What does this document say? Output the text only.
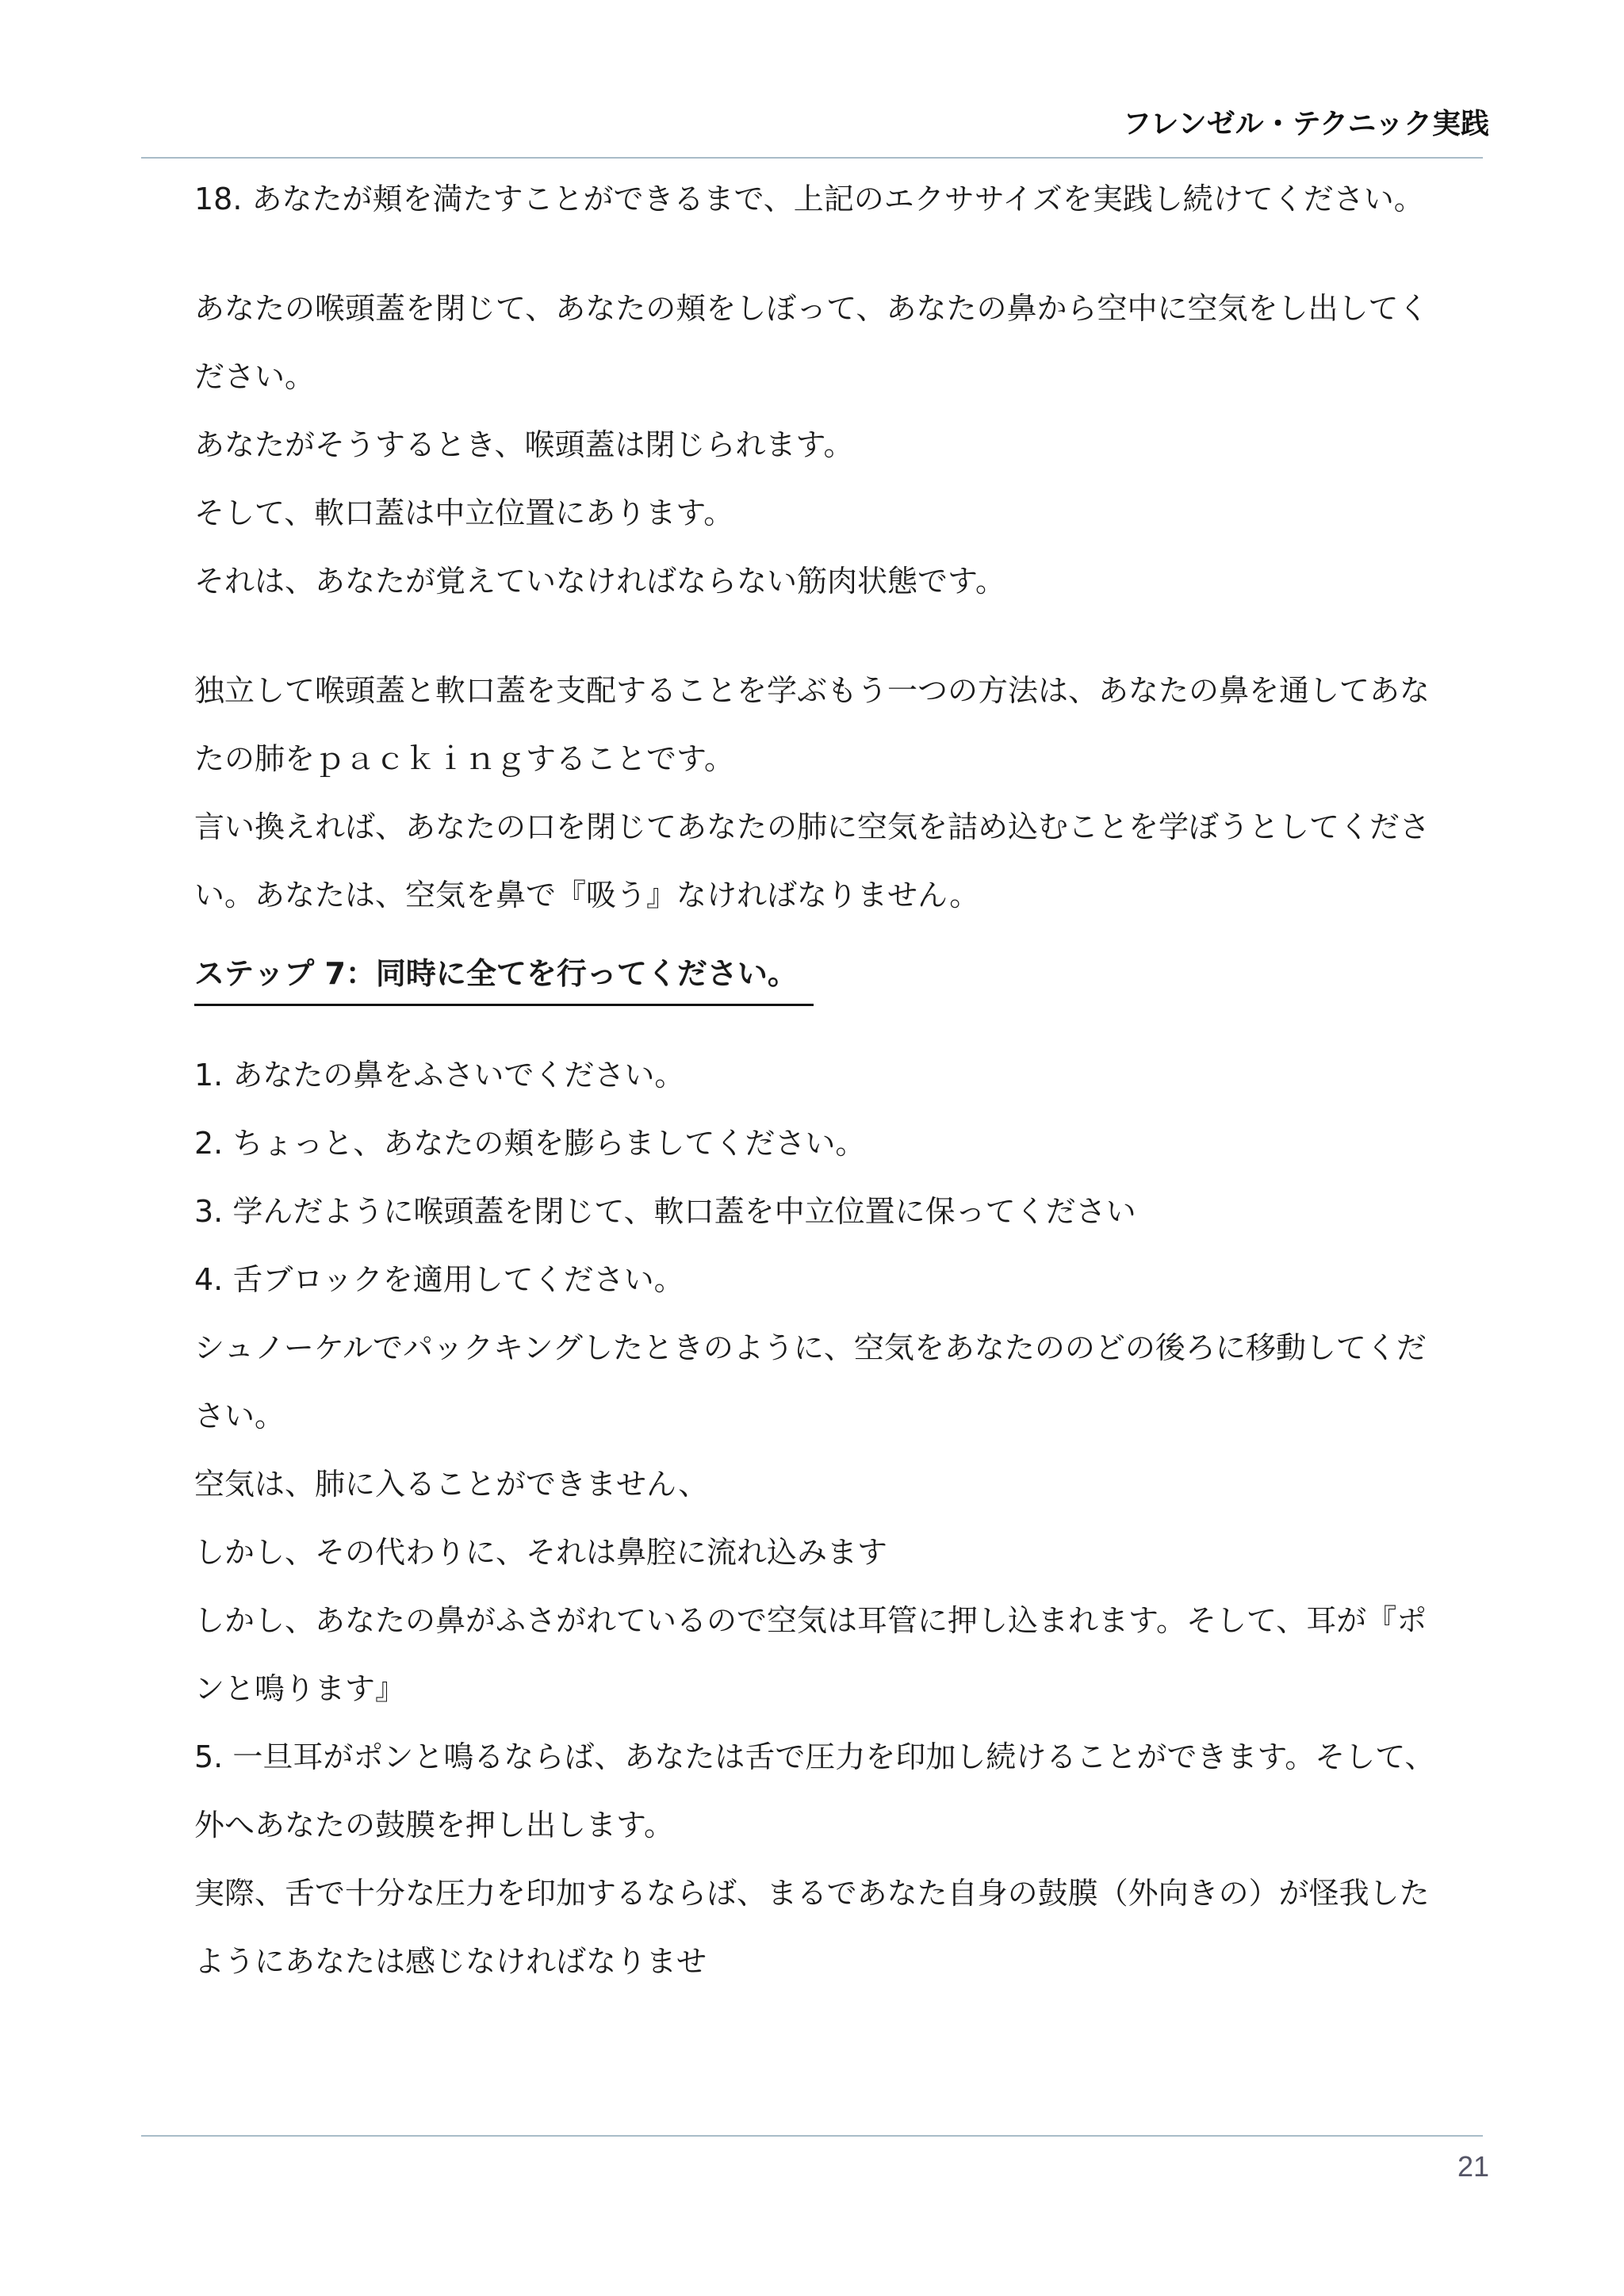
フレンゼル・テクニック実践

18. あなたが頬を満たすことができるまで、上記のエクササイズを実践し続けてください。

あなたの喉頭蓋を閉じて、あなたの頬をしぼって、あなたの鼻から空中に空気をし出してく

ださい。

あなたがそうするとき、喉頭蓋は閉じられます。

そして、軟口蓋は中立位置にあります。

それは、あなたが覚えていなければならない筋肉状態です。

独立して喉頭蓋と軟口蓋を支配することを学ぶもう一つの方法は、あなたの鼻を通してあな

たの肺をｐａｃｋｉｎｇすることです。

言い換えれば、あなたの口を閉じてあなたの肺に空気を詰め込むことを学ぼうとしてくださ

い。あなたは、空気を鼻で『吸う』なければなりません。

ステップ 7：同時に全てを行ってください。

1. あなたの鼻をふさいでください。

2. ちょっと、あなたの頬を膨らましてください。

3. 学んだように喉頭蓋を閉じて、軟口蓋を中立位置に保ってください

4. 舌ブロックを適用してください。

シュノーケルでパックキングしたときのように、空気をあなたののどの後ろに移動してくだ

さい。

空気は、肺に入ることができません、

しかし、その代わりに、それは鼻腔に流れ込みます

しかし、あなたの鼻がふさがれているので空気は耳管に押し込まれます。そして、耳が『ポ

ンと鳴ります』

5. 一旦耳がポンと鳴るならば、あなたは舌で圧力を印加し続けることができます。そして、

外へあなたの鼓膜を押し出します。

実際、舌で十分な圧力を印加するならば、まるであなた自身の鼓膜（外向きの）が怪我した

ようにあなたは感じなければなりませ

21
